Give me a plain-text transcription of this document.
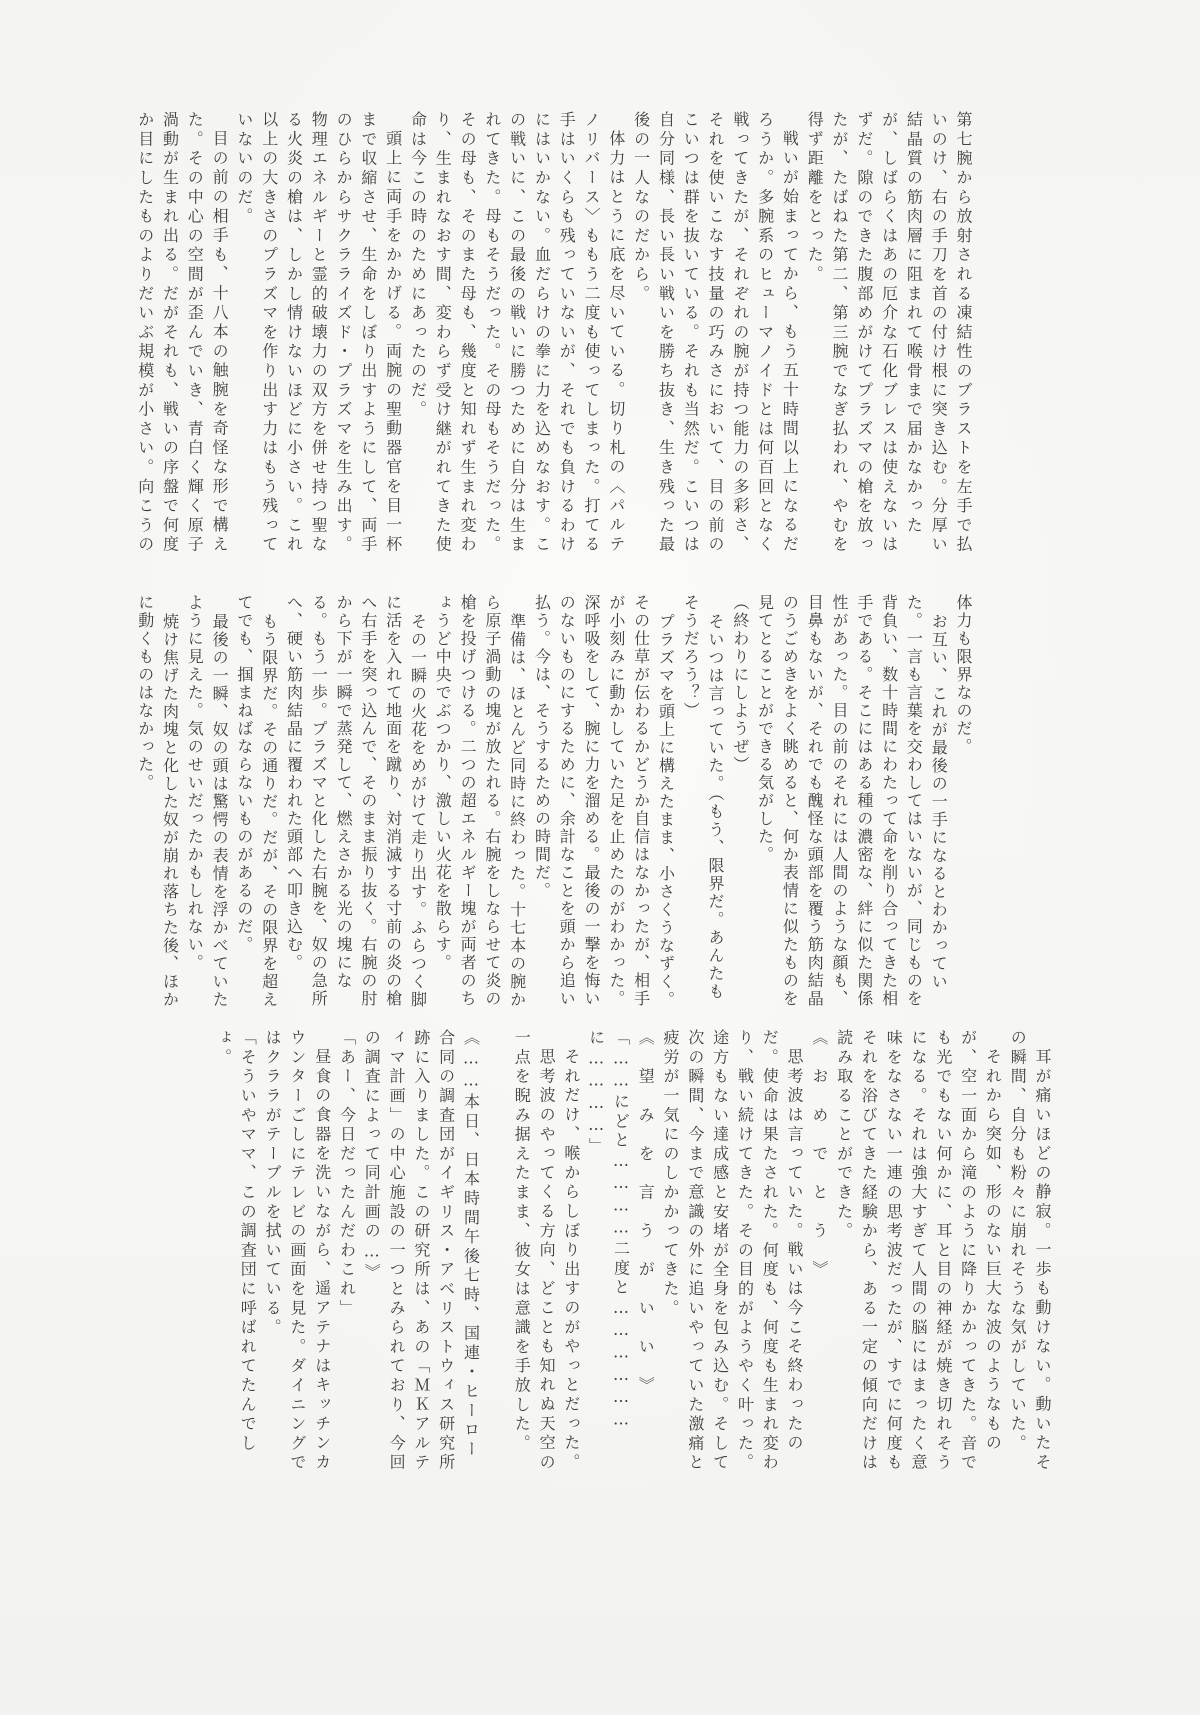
第七腕から放射される凍結性のブラストを左手で払いのけ、右の手刀を首の付け根に突き込む。分厚い結晶質の筋肉層に阻まれて喉骨まで届かなかったが、しばらくはあの厄介な石化ブレスは使えないはずだ。隙のできた腹部めがけてプラズマの槍を放ったが、たばねた第二、第三腕でなぎ払われ、やむを得ず距離をとった。

戦いが始まってから、もう五十時間以上になるだろうか。多腕系のヒューマノイドとは何百回となく戦ってきたが、それぞれの腕が持つ能力の多彩さ、それを使いこなす技量の巧みさにおいて、目の前のこいつは群を抜いている。それも当然だ。こいつは自分同様、長い長い戦いを勝ち抜き、生き残った最後の一人なのだから。

体力はとうに底を尽いている。切り札の〈パルテノリバース〉ももう二度も使ってしまった。打てる手はいくらも残っていないが、それでも負けるわけにはいかない。血だらけの拳に力を込めなおす。この戦いに、この最後の戦いに勝つために自分は生まれてきた。母もそうだった。その母もそうだった。その母も、そのまた母も、幾度と知れず生まれ変わり、生まれなおす間、変わらず受け継がれてきた使命は今この時のためにあったのだ。

頭上に両手をかかげる。両腕の聖動器官を目一杯まで収縮させ、生命をしぼり出すようにして、両手のひらからサクラライズド・プラズマを生み出す。物理エネルギーと霊的破壊力の双方を併せ持つ聖なる火炎の槍は、しかし情けないほどに小さい。これ以上の大きさのプラズマを作り出す力はもう残っていないのだ。

目の前の相手も、十八本の触腕を奇怪な形で構えた。その中心の空間が歪んでいき、青白く輝く原子渦動が生まれ出る。だがそれも、戦いの序盤で何度か目にしたものよりだいぶ規模が小さい。向こうの

体力も限界なのだ。

お互い、これが最後の一手になるとわかっていた。一言も言葉を交わしてはいないが、同じものを背負い、数十時間にわたって命を削り合ってきた相手である。そこにはある種の濃密な、絆に似た関係性があった。目の前のそれには人間のような顔も、目鼻もないが、それでも醜怪な頭部を覆う筋肉結晶のうごめきをよく眺めると、何か表情に似たものを見てとることができる気がした。

（終わりにしようぜ）

そいつは言っていた。（もう、限界だ。あんたもそうだろう？）

プラズマを頭上に構えたまま、小さくうなずく。その仕草が伝わるかどうか自信はなかったが、相手が小刻みに動かしていた足を止めたのがわかった。深呼吸をして、腕に力を溜める。最後の一撃を悔いのないものにするために、余計なことを頭から追い払う。今は、そうするための時間だ。

準備は、ほとんど同時に終わった。十七本の腕から原子渦動の塊が放たれる。右腕をしならせて炎の槍を投げつける。二つの超エネルギー塊が両者のちょうど中央でぶつかり、激しい火花を散らす。

その一瞬の火花をめがけて走り出す。ふらつく脚に活を入れて地面を蹴り、対消滅する寸前の炎の槍へ右手を突っ込んで、そのまま振り抜く。右腕の肘から下が一瞬で蒸発して、燃えさかる光の塊になる。もう一歩。プラズマと化した右腕を、奴の急所へ、硬い筋肉結晶に覆われた頭部へ叩き込む。

もう限界だ。その通りだ。だが、その限界を超えてでも、掴まねばならないものがあるのだ。

最後の一瞬、奴の頭は驚愕の表情を浮かべていたように見えた。気のせいだったかもしれない。

焼け焦げた肉塊と化した奴が崩れ落ちた後、ほかに動くものはなかった。

耳が痛いほどの静寂。一歩も動けない。動いたその瞬間、自分も粉々に崩れそうな気がしていた。

それから突如、形のない巨大な波のようなものが、空一面から滝のように降りかかってきた。音でも光でもない何かに、耳と目の神経が焼き切れそうになる。それは強大すぎて人間の脳にはまったく意味をなさない一連の思考波だったが、すでに何度もそれを浴びてきた経験から、ある一定の傾向だけは読み取ることができた。

《　お　め　で　と　う　》

思考波は言っていた。戦いは今こそ終わったのだ。使命は果たされた。何度も、何度も生まれ変わり、戦い続けてきた。その目的がようやく叶った。途方もない達成感と安堵が全身を包み込む。そして次の瞬間、今まで意識の外に追いやっていた激痛と疲労が一気にのしかかってきた。

《　望　み　を　言　う　が　い　い　》

「……にどと…………二度と………………に…………」

それだけ、喉からしぼり出すのがやっとだった。

思考波のやってくる方向、どことも知れぬ天空の一点を睨み据えたまま、彼女は意識を手放した。

《……本日、日本時間午後七時、国連・ヒーロー合同の調査団がイギリス・アベリストウィス研究所跡に入りました。この研究所は、あの「ＭＫアルティマ計画」の中心施設の一つとみられており、今回の調査によって同計画の…》

「あー、今日だったんだわこれ」

昼食の食器を洗いながら、遥アテナはキッチンカウンターごしにテレビの画面を見た。ダイニングではクララがテーブルを拭いている。

「そういやママ、この調査団に呼ばれてたんでしょ。
